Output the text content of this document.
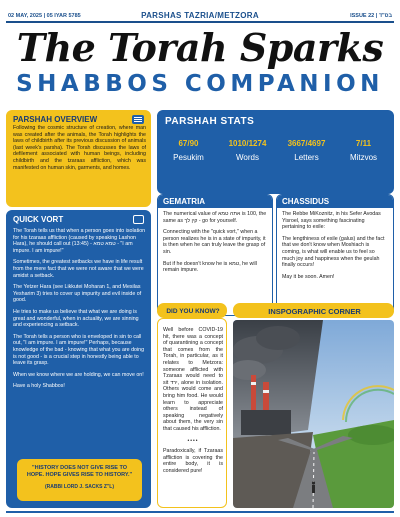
02 MAY, 2025 | 05 IYAR 5785	PARSHAS TAZRIA/METZORA	ISSUE 22 | בס"ד
The Torah Sparks
SHABBOS COMPANION
PARSHAH OVERVIEW
Following the cosmic structure of creation, where man was created after the animals, the Torah highlights the laws of childbirth after its previous discussion of animals (last week's parsha). The Torah discusses the laws of defilement associated with human beings, including childbirth and the tzaraas affliction, which was manifested on human skin, garments, and homes.
QUICK VORT

The Torah tells us that when a person goes into isolation for his tzaraas affliction (caused by speaking Lashon Hara), he should call out (13:45) - טמא טמא - "I am impure. I am impure!"

Sometimes, the greatest setbacks we have in life result from the mere fact that we were not aware that we were amidst a setback.

The Yetzer Hara (see Likkutei Moharan 1, and Mesilas Yesharim 3) tries to cover up impurity and evil inside of good.

He tries to make us believe that what we are doing is great and wonderful, when in actuality, we are sinning and experiencing a setback.

The Torah tells a person who is enveloped in sin to call out, "I am impure. I am impure!" Perhaps, because knowledge of the bad - knowing that what you are doing is not good - is a crucial step in honestly being able to leave its grasp.

When we know where we are holding, we can move on!

Have a holy Shabbos!

"HISTORY DOES NOT GIVE RISE TO HOPE. HOPE GIVES RISE TO HISTORY."
(RABBI LORD J. SACKS Z"L)
PARSHAH STATS
67/90
Pesukim
1010/1274
Words
3667/4697
Letters
7/11
Mitzvos
GEMATRIA

The numerical value of אתה טמא is 100, the same as קין לך - go for yourself.

Connecting with the "quick vort," when a person realizes he is in a state of impurity, it is then when he can truly leave the grasp of sin.

But if he doesn't know he is טמא, he will remain impure.

CHASSIDUS

The Rebbe MiKoznitz, in his Sefer Avodas Yisroel, says something fascinating pertaining to exile:

The lengthiness of exile (galus) and the fact that we don't know when Moshiach is coming, is what will enable us to feel so much joy and happiness when the geulah finally occurs!

May it be soon. Amen!

DID YOU KNOW?

Well before COVID-19 hit, there was a concept of quarantining a concept that comes from the Torah, in particular, as it relates to Metzora: someone afflicted with Tzaraas would need to sit ירד, alone in isolation. Others would come and bring him food. He would learn to appreciate others instead of speaking negatively about them, the very sin that caused his affliction.

••••

Paradoxically, if Tzaraas affliction is covering the entire body, it is considered pure!

INSPOGRAPHIC CORNER
